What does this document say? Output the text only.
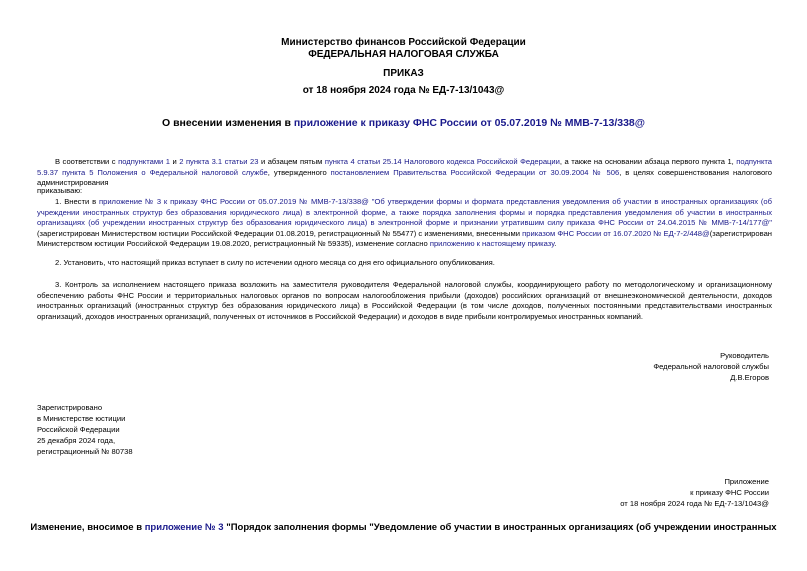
Министерство финансов Российской Федерации
ФЕДЕРАЛЬНАЯ НАЛОГОВАЯ СЛУЖБА
ПРИКАЗ
от 18 ноября 2024 года № ЕД-7-13/1043@
О внесении изменения в приложение к приказу ФНС России от 05.07.2019 № ММВ-7-13/338@
В соответствии с подпунктами 1 и 2 пункта 3.1 статьи 23 и абзацем пятым пункта 4 статьи 25.14 Налогового кодекса Российской Федерации, а также на основании абзаца первого пункта 1, подпункта 5.9.37 пункта 5 Положения о Федеральной налоговой службе, утвержденного постановлением Правительства Российской Федерации от 30.09.2004 № 506, в целях совершенствования налогового администрирования
приказываю:
1. Внести в приложение № 3 к приказу ФНС России от 05.07.2019 № ММВ-7-13/338@ "Об утверждении формы и формата представления уведомления об участии в иностранных организациях (об учреждении иностранных структур без образования юридического лица) в электронной форме, а также порядка заполнения формы и порядка представления уведомления об участии в иностранных организациях (об учреждении иностранных структур без образования юридического лица) в электронной форме и признании утратившим силу приказа ФНС России от 24.04.2015 № ММВ-7-14/177@"(зарегистрирован Министерством юстиции Российской Федерации 01.08.2019, регистрационный № 55477) с изменениями, внесенными приказом ФНС России от 16.07.2020 № ЕД-7-2/448@(зарегистрирован Министерством юстиции Российской Федерации 19.08.2020, регистрационный № 59335), изменение согласно приложению к настоящему приказу.
2. Установить, что настоящий приказ вступает в силу по истечении одного месяца со дня его официального опубликования.
3. Контроль за исполнением настоящего приказа возложить на заместителя руководителя Федеральной налоговой службы, координирующего работу по методологическому и организационному обеспечению работы ФНС России и территориальных налоговых органов по вопросам налогообложения прибыли (доходов) российских организаций от внешнеэкономической деятельности, доходов иностранных организаций (иностранных структур без образования юридического лица) в Российской Федерации (в том числе доходов, полученных постоянными представительствами иностранных организаций, доходов иностранных организаций, полученных от источников в Российской Федерации) и доходов в виде прибыли контролируемых иностранных компаний.
Руководитель
Федеральной налоговой службы
Д.В.Егоров
Зарегистрировано
в Министерстве юстиции
Российской Федерации
25 декабря 2024 года,
регистрационный № 80738
Приложение
к приказу ФНС России
от 18 ноября 2024 года № ЕД-7-13/1043@
Изменение, вносимое в приложение № 3 "Порядок заполнения формы "Уведомление об участии в иностранных организациях (об учреждении иностранных
